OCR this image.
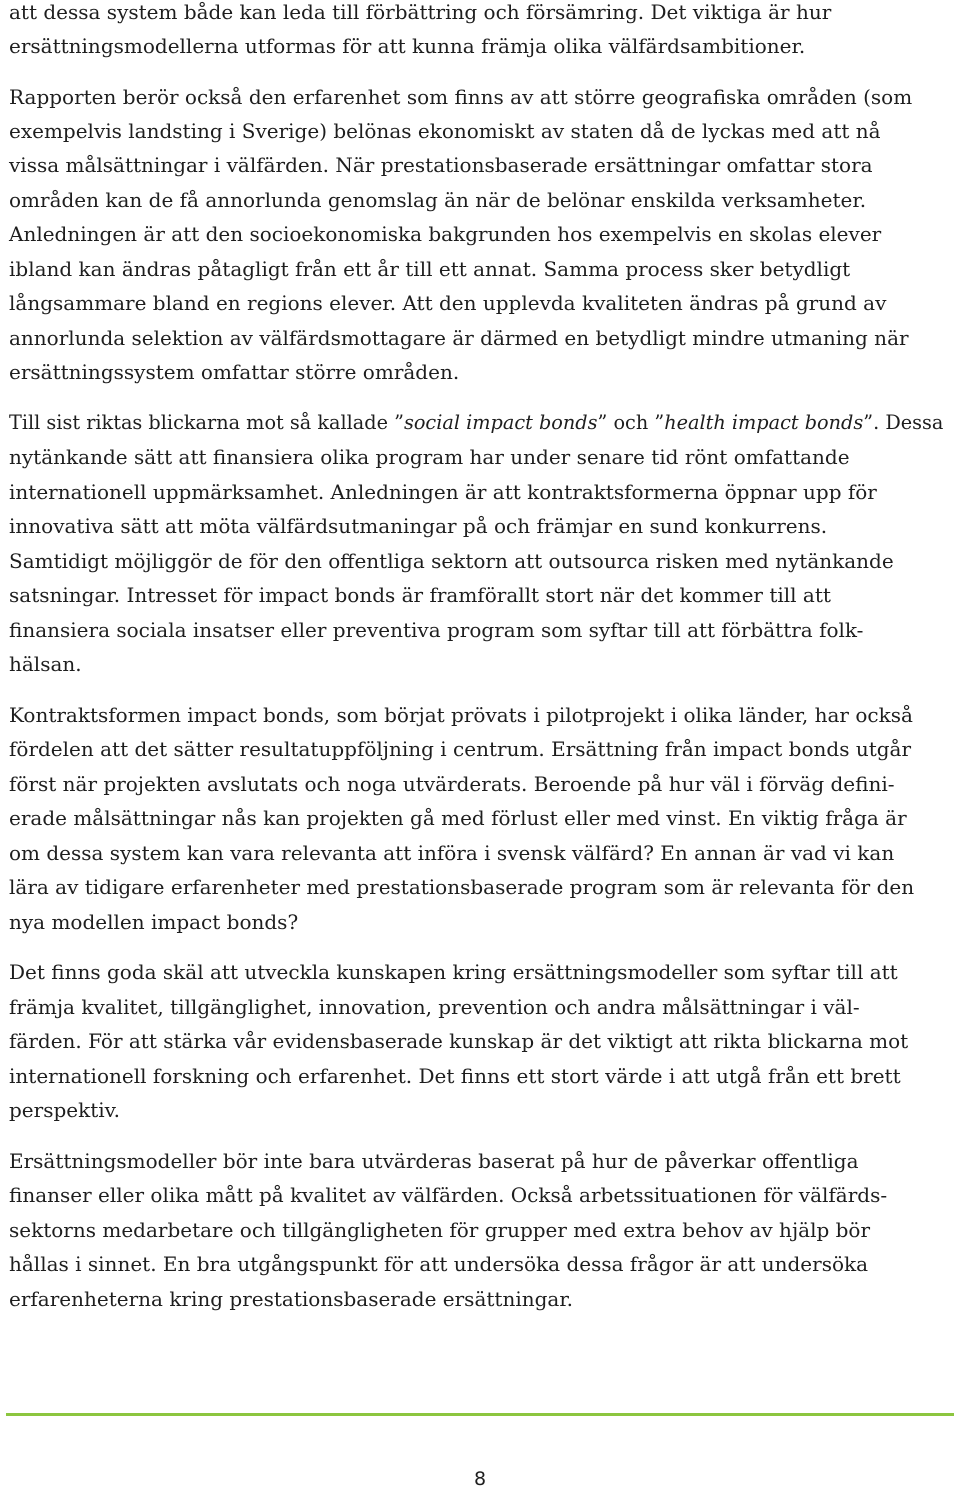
att dessa system både kan leda till förbättring och försämring. Det viktiga är hur
ersättningsmodellerna utformas för att kunna främja olika välfärdsambitioner.
Rapporten berör också den erfarenhet som finns av att större geografiska områden (som
exempelvis landsting i Sverige) belönas ekonomiskt av staten då de lyckas med att nå
vissa målsättningar i välfärden. När prestationsbaserade ersättningar omfattar stora
områden kan de få annorlunda genomslag än när de belönar enskilda verksamheter.
Anledningen är att den socioekonomiska bakgrunden hos exempelvis en skolas elever
ibland kan ändras påtagligt från ett år till ett annat. Samma process sker betydligt
långsammare bland en regions elever. Att den upplevda kvaliteten ändras på grund av
annorlunda selektion av välfärdsmottagare är därmed en betydligt mindre utmaning när
ersättningssystem omfattar större områden.
Till sist riktas blickarna mot så kallade ”social impact bonds” och ”health impact bonds”. Dessa
nytänkande sätt att finansiera olika program har under senare tid rönt omfattande
internationell uppmärksamhet. Anledningen är att kontraktsformerna öppnar upp för
innovativa sätt att möta välfärdsutmaningar på och främjar en sund konkurrens.
Samtidigt möjliggör de för den offentliga sektorn att outsourca risken med nytänkande
satsningar. Intresset för impact bonds är framförallt stort när det kommer till att
finansiera sociala insatser eller preventiva program som syftar till att förbättra folk-
hälsan.
Kontraktsformen impact bonds, som börjat prövats i pilotprojekt i olika länder, har också
fördelen att det sätter resultatuppföljning i centrum. Ersättning från impact bonds utgår
först när projekten avslutats och noga utvärderats. Beroende på hur väl i förväg defini-
erade målsättningar nås kan projekten gå med förlust eller med vinst. En viktig fråga är
om dessa system kan vara relevanta att införa i svensk välfärd? En annan är vad vi kan
lära av tidigare erfarenheter med prestationsbaserade program som är relevanta för den
nya modellen impact bonds?
Det finns goda skäl att utveckla kunskapen kring ersättningsmodeller som syftar till att
främja kvalitet, tillgänglighet, innovation, prevention och andra målsättningar i väl-
färden. För att stärka vår evidensbaserade kunskap är det viktigt att rikta blickarna mot
internationell forskning och erfarenhet. Det finns ett stort värde i att utgå från ett brett
perspektiv.
Ersättningsmodeller bör inte bara utvärderas baserat på hur de påverkar offentliga
finanser eller olika mått på kvalitet av välfärden. Också arbetssituationen för välfärds-
sektorns medarbetare och tillgängligheten för grupper med extra behov av hjälp bör
hållas i sinnet. En bra utgångspunkt för att undersöka dessa frågor är att undersöka
erfarenheterna kring prestationsbaserade ersättningar.
8
